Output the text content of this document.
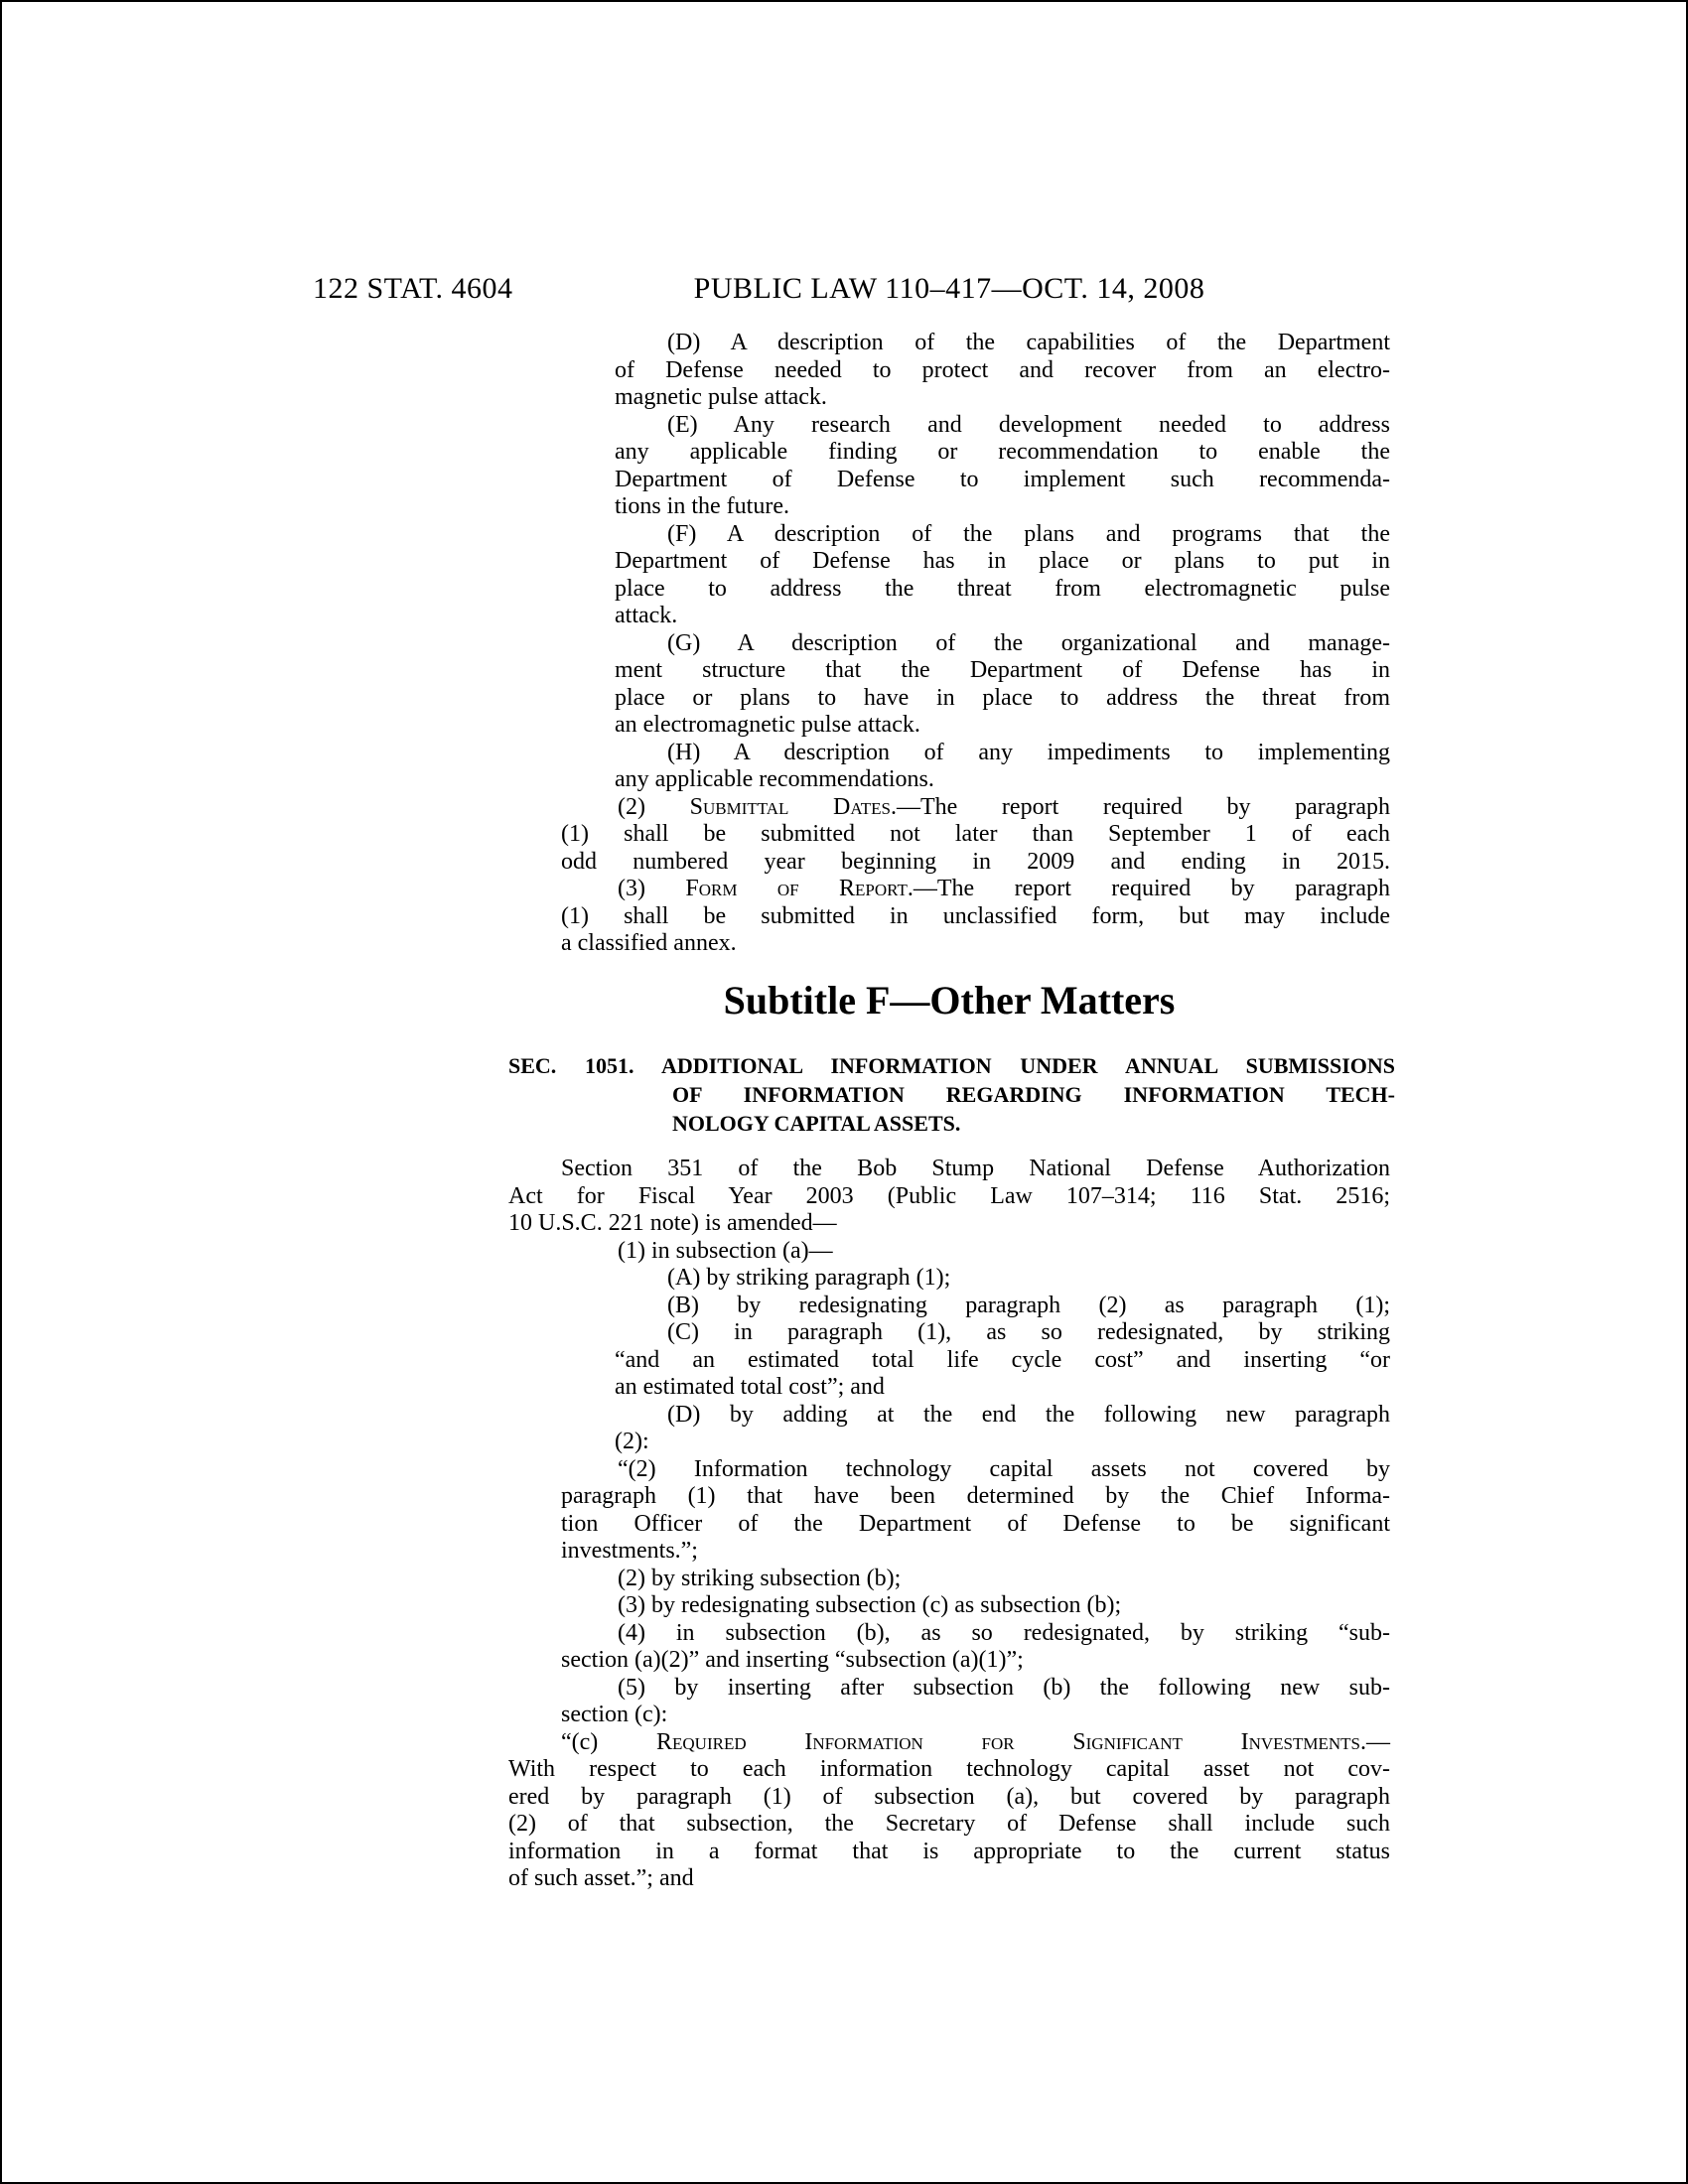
122 STAT. 4604	PUBLIC LAW 110–417—OCT. 14, 2008
(D) A description of the capabilities of the Department
of Defense needed to protect and recover from an electro-
magnetic pulse attack.
(E) Any research and development needed to address
any applicable finding or recommendation to enable the
Department of Defense to implement such recommenda-
tions in the future.
(F) A description of the plans and programs that the
Department of Defense has in place or plans to put in
place to address the threat from electromagnetic pulse
attack.
(G) A description of the organizational and manage-
ment structure that the Department of Defense has in
place or plans to have in place to address the threat from
an electromagnetic pulse attack.
(H) A description of any impediments to implementing
any applicable recommendations.
(2) Submittal Dates.—The report required by paragraph
(1) shall be submitted not later than September 1 of each
odd numbered year beginning in 2009 and ending in 2015.
(3) Form of Report.—The report required by paragraph
(1) shall be submitted in unclassified form, but may include
a classified annex.
Subtitle F—Other Matters
SEC. 1051. ADDITIONAL INFORMATION UNDER ANNUAL SUBMISSIONS
OF INFORMATION REGARDING INFORMATION TECH-
NOLOGY CAPITAL ASSETS.
Section 351 of the Bob Stump National Defense Authorization
Act for Fiscal Year 2003 (Public Law 107–314; 116 Stat. 2516;
10 U.S.C. 221 note) is amended—
(1) in subsection (a)—
(A) by striking paragraph (1);
(B) by redesignating paragraph (2) as paragraph (1);
(C) in paragraph (1), as so redesignated, by striking
“and an estimated total life cycle cost” and inserting “or
an estimated total cost”; and
(D) by adding at the end the following new paragraph
(2):
“(2) Information technology capital assets not covered by
paragraph (1) that have been determined by the Chief Informa-
tion Officer of the Department of Defense to be significant
investments.”;
(2) by striking subsection (b);
(3) by redesignating subsection (c) as subsection (b);
(4) in subsection (b), as so redesignated, by striking “sub-
section (a)(2)” and inserting “subsection (a)(1)”;
(5) by inserting after subsection (b) the following new sub-
section (c):
“(c) Required Information for Significant Investments.—
With respect to each information technology capital asset not cov-
ered by paragraph (1) of subsection (a), but covered by paragraph
(2) of that subsection, the Secretary of Defense shall include such
information in a format that is appropriate to the current status
of such asset.”; and
